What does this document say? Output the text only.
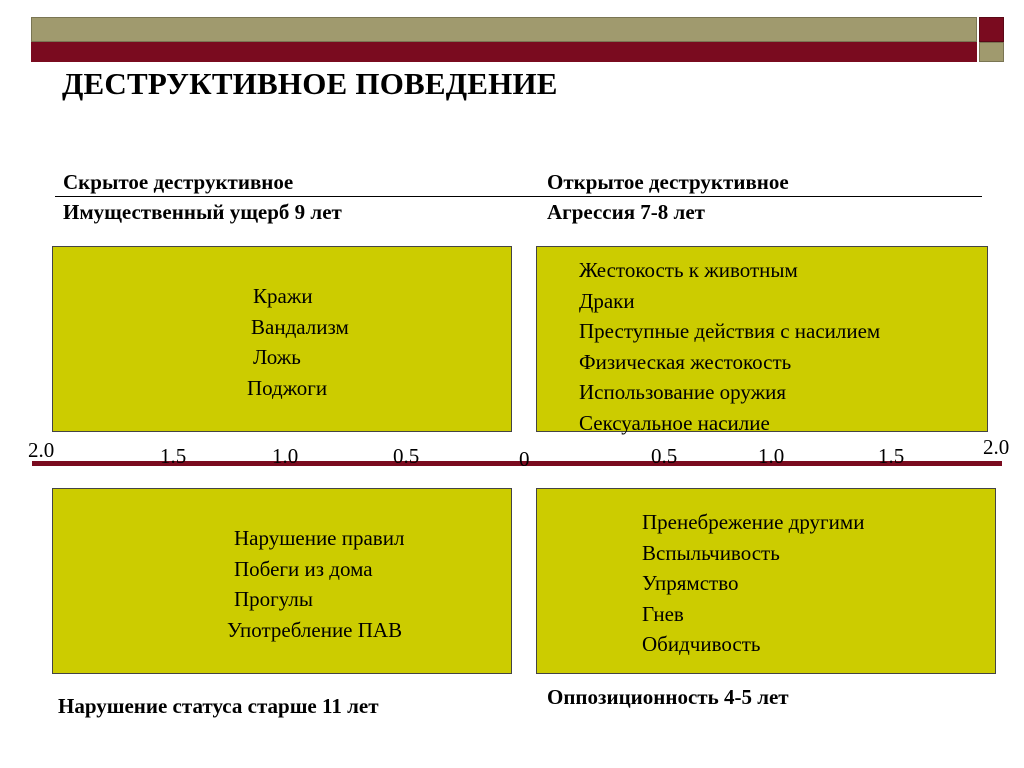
ДЕСТРУКТИВНОЕ ПОВЕДЕНИЕ
Скрытое деструктивное	Открытое деструктивное
Имущественный ущерб 9 лет	Агрессия 7-8 лет
Кражи
Вандализм
Ложь
Поджоги
Жестокость к животным
Драки
Преступные действия с насилием
Физическая жестокость
Использование оружия
Сексуальное насилие
2.0	1.5	1.0	0.5	0	0.5	1.0	1.5	2.0
Нарушение правил
Побеги из дома
Прогулы
Употребление ПАВ
Пренебрежение другими
Вспыльчивость
Упрямство
Гнев
Обидчивость
Нарушение статуса старше 11 лет	Оппозиционность 4-5 лет
